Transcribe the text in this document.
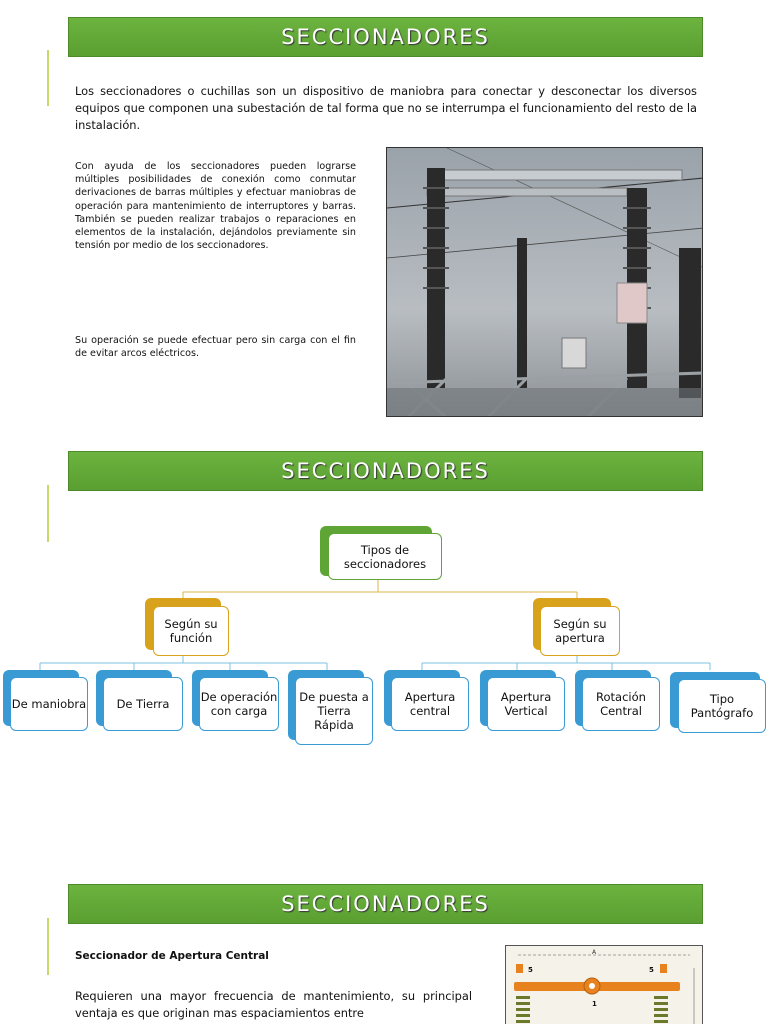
SECCIONADORES

Los seccionadores o cuchillas son un dispositivo de maniobra para conectar y desconectar los diversos equipos que componen una subestación de tal forma que no se interrumpa el funcionamiento del resto de la instalación.

Con ayuda de los seccionadores pueden lograrse múltiples posibilidades de conexión como conmutar derivaciones de barras múltiples y efectuar maniobras de operación para mantenimiento de interruptores y barras. También se pueden realizar trabajos o reparaciones en elementos de la instalación, dejándolos previamente sin tensión por medio de los seccionadores.

Su operación se puede efectuar pero sin carga con el fin de evitar arcos eléctricos.

SECCIONADORES
Tipos de seccionadores
Según su función
Según su apertura
De maniobra	De Tierra	De operación con carga
De puesta a Tierra Rápida
Apertura central
Apertura Vertical
Rotación Central
Tipo Pantógrafo
SECCIONADORES

Seccionador de Apertura Central

Requieren una mayor frecuencia de mantenimiento, su principal ventaja es que originan mas espaciamientos entre

A
5	5
1
